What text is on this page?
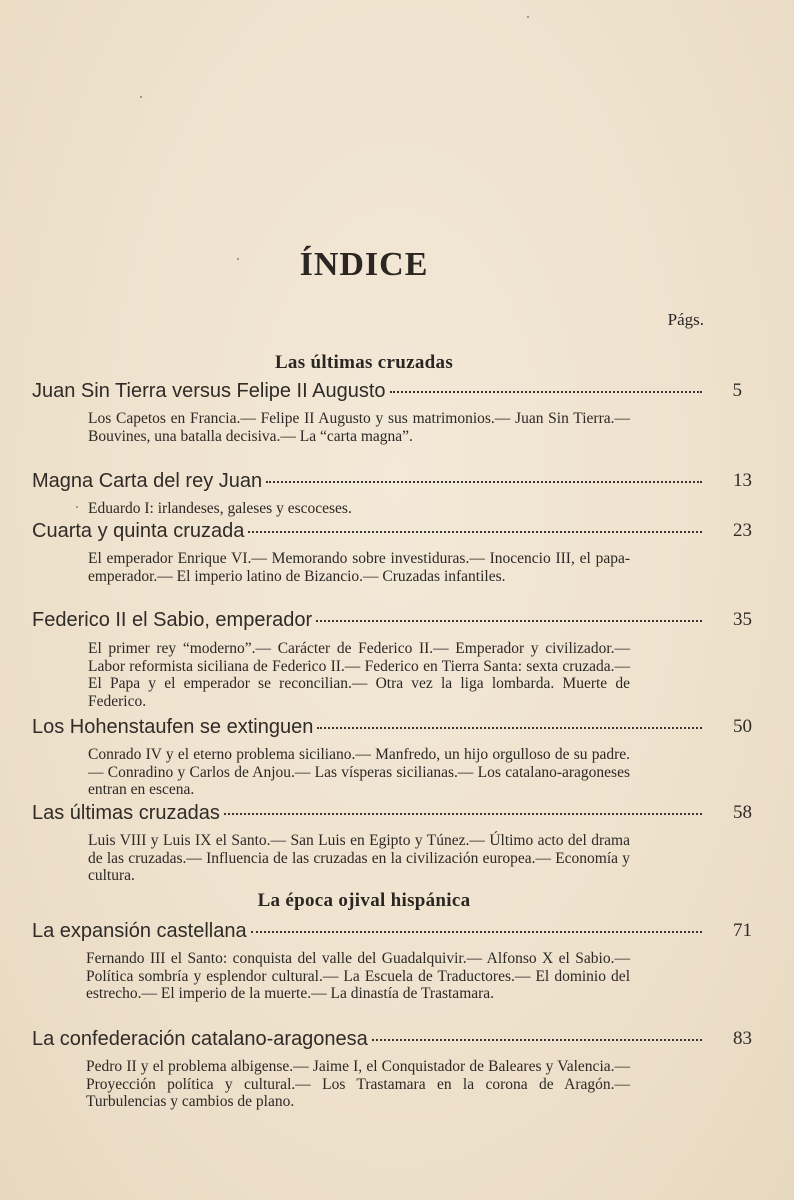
ÍNDICE
Págs.
Las últimas cruzadas
Juan Sin Tierra versus Felipe II Augusto	5
Los Capetos en Francia.— Felipe II Augusto y sus matrimonios.— Juan Sin Tierra.— Bouvines, una batalla decisiva.— La “carta magna”.
Magna Carta del rey Juan	13
Eduardo I: irlandeses, galeses y escoceses.
Cuarta y quinta cruzada	23
El emperador Enrique VI.— Memorando sobre investiduras.— Inocencio III, el papa-emperador.— El imperio latino de Bizancio.— Cruzadas infantiles.
Federico II el Sabio, emperador	35
El primer rey “moderno”.— Carácter de Federico II.— Emperador y civilizador.— Labor reformista siciliana de Federico II.— Federico en Tierra Santa: sexta cruzada.— El Papa y el emperador se reconcilian.— Otra vez la liga lombarda. Muerte de Federico.
Los Hohenstaufen se extinguen	50
Conrado IV y el eterno problema siciliano.— Manfredo, un hijo orgulloso de su padre.— Conradino y Carlos de Anjou.— Las vísperas sicilianas.— Los catalano-aragoneses entran en escena.
Las últimas cruzadas	58
Luis VIII y Luis IX el Santo.— San Luis en Egipto y Túnez.— Último acto del drama de las cruzadas.— Influencia de las cruzadas en la civilización europea.— Economía y cultura.
La época ojival hispánica
La expansión castellana	71
Fernando III el Santo: conquista del valle del Guadalquivir.— Alfonso X el Sabio.— Política sombría y esplendor cultural.— La Escuela de Traductores.— El dominio del estrecho.— El imperio de la muerte.— La dinastía de Trastamara.
La confederación catalano-aragonesa	83
Pedro II y el problema albigense.— Jaime I, el Conquistador de Baleares y Valencia.— Proyección política y cultural.— Los Trastamara en la corona de Aragón.— Turbulencias y cambios de plano.
